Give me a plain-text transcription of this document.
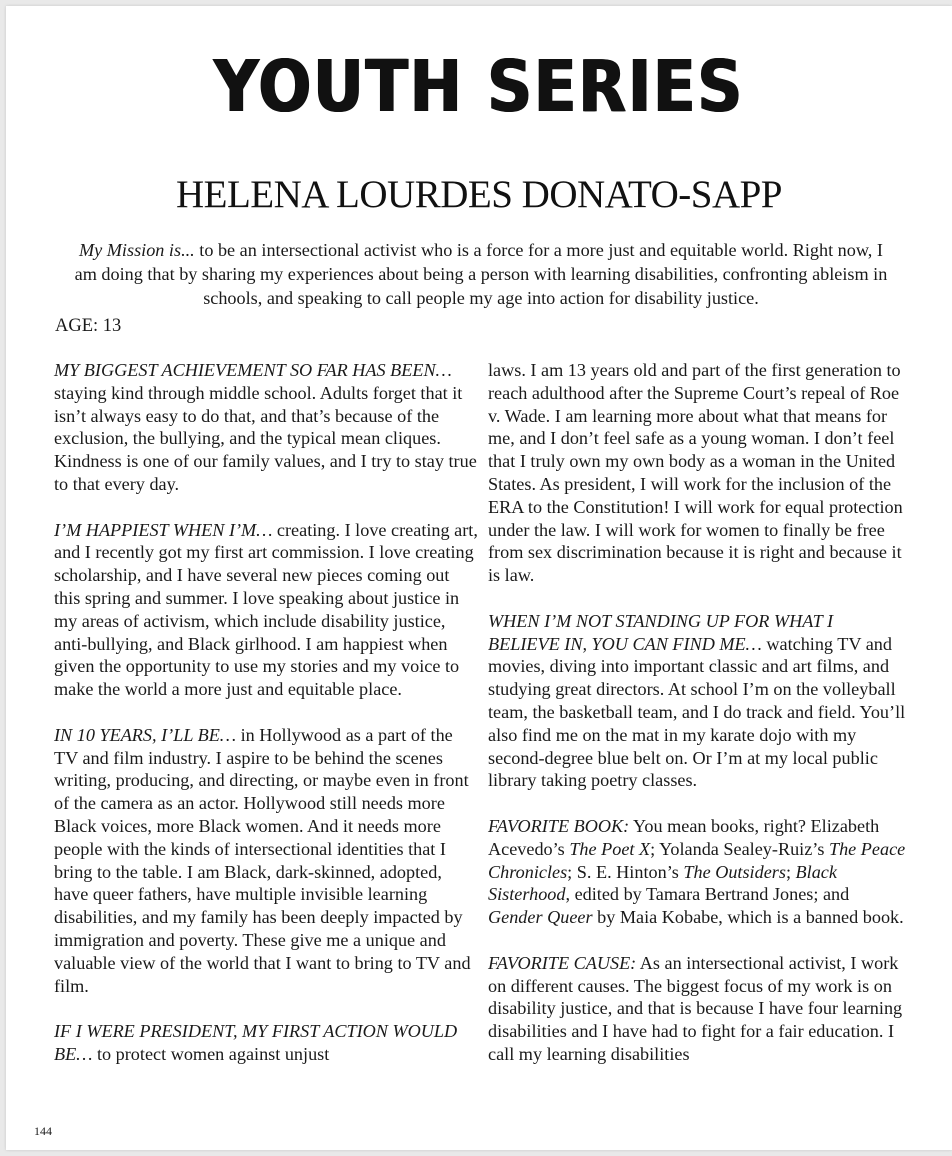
YOUTH SERIES
HELENA LOURDES DONATO-SAPP
My Mission is... to be an intersectional activist who is a force for a more just and equitable world. Right now, I am doing that by sharing my experiences about being a person with learning disabilities, confronting ableism in schools, and speaking to call people my age into action for disability justice.
AGE: 13

MY BIGGEST ACHIEVEMENT SO FAR HAS BEEN… staying kind through middle school. Adults forget that it isn’t always easy to do that, and that’s because of the exclusion, the bullying, and the typical mean cliques. Kindness is one of our family values, and I try to stay true to that every day.

I’M HAPPIEST WHEN I’M… creating. I love creating art, and I recently got my first art commission. I love creating scholarship, and I have several new pieces coming out this spring and summer. I love speaking about justice in my areas of activism, which include disability justice, anti-bullying, and Black girlhood. I am happiest when given the opportunity to use my stories and my voice to make the world a more just and equitable place.

IN 10 YEARS, I’LL BE… in Hollywood as a part of the TV and film industry. I aspire to be behind the scenes writing, producing, and directing, or maybe even in front of the camera as an actor. Hollywood still needs more Black voices, more Black women. And it needs more people with the kinds of intersectional identities that I bring to the table. I am Black, dark-skinned, adopted, have queer fathers, have multiple invisible learning disabilities, and my family has been deeply impacted by immigration and poverty. These give me a unique and valuable view of the world that I want to bring to TV and film.

IF I WERE PRESIDENT, MY FIRST ACTION WOULD BE… to protect women against unjust

laws. I am 13 years old and part of the first generation to reach adulthood after the Supreme Court’s repeal of Roe v. Wade. I am learning more about what that means for me, and I don’t feel safe as a young woman. I don’t feel that I truly own my own body as a woman in the United States. As president, I will work for the inclusion of the ERA to the Constitution! I will work for equal protection under the law. I will work for women to finally be free from sex discrimination because it is right and because it is law.

WHEN I’M NOT STANDING UP FOR WHAT I BELIEVE IN, YOU CAN FIND ME… watching TV and movies, diving into important classic and art films, and studying great directors. At school I’m on the volleyball team, the basketball team, and I do track and field. You’ll also find me on the mat in my karate dojo with my second-degree blue belt on. Or I’m at my local public library taking poetry classes.

FAVORITE BOOK: You mean books, right? Elizabeth Acevedo’s The Poet X; Yolanda Sealey-Ruiz’s The Peace Chronicles; S. E. Hinton’s The Outsiders; Black Sisterhood, edited by Tamara Bertrand Jones; and Gender Queer by Maia Kobabe, which is a banned book.

FAVORITE CAUSE: As an intersectional activist, I work on different causes. The biggest focus of my work is on disability justice, and that is because I have four learning disabilities and I have had to fight for a fair education. I call my learning disabilities

144
